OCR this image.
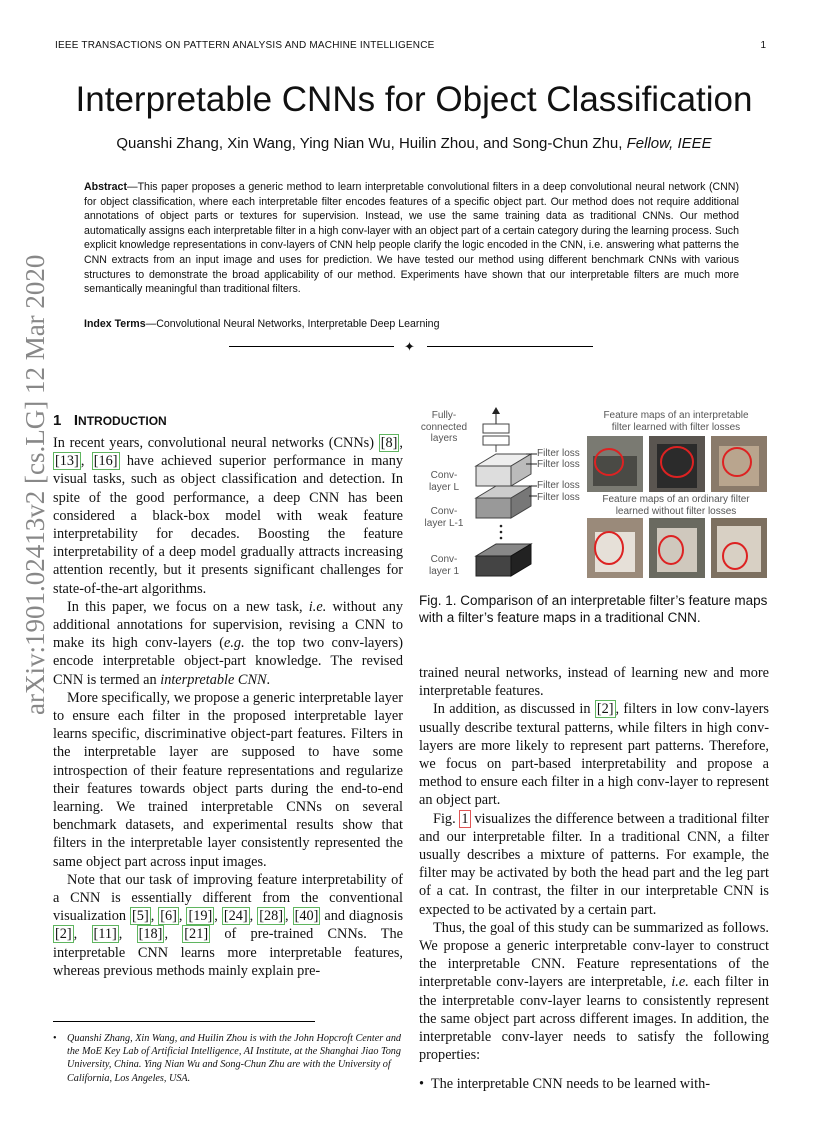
IEEE TRANSACTIONS ON PATTERN ANALYSIS AND MACHINE INTELLIGENCE	1
Interpretable CNNs for Object Classification
Quanshi Zhang, Xin Wang, Ying Nian Wu, Huilin Zhou, and Song-Chun Zhu, Fellow, IEEE
Abstract—This paper proposes a generic method to learn interpretable convolutional filters in a deep convolutional neural network (CNN) for object classification, where each interpretable filter encodes features of a specific object part. Our method does not require additional annotations of object parts or textures for supervision. Instead, we use the same training data as traditional CNNs. Our method automatically assigns each interpretable filter in a high conv-layer with an object part of a certain category during the learning process. Such explicit knowledge representations in conv-layers of CNN help people clarify the logic encoded in the CNN, i.e. answering what patterns the CNN extracts from an input image and uses for prediction. We have tested our method using different benchmark CNNs with various structures to demonstrate the broad applicability of our method. Experiments have shown that our interpretable filters are much more semantically meaningful than traditional filters.
Index Terms—Convolutional Neural Networks, Interpretable Deep Learning
✦
arXiv:1901.02413v2 [cs.LG] 12 Mar 2020 1 INTRODUCTION

In recent years, convolutional neural networks (CNNs) [8] , [13] , [16] have achieved superior performance in many visual tasks, such as object classification and detection. In spite of the good performance, a deep CNN has been considered a black-box model with weak feature interpretability for decades. Boosting the feature interpretability of a deep model gradually attracts increasing attention recently, but it presents significant challenges for state-of-the-art algorithms.

In this paper, we focus on a new task, i.e. without any additional annotations for supervision, revising a CNN to make its high conv-layers (e.g. the top two conv-layers) encode interpretable object-part knowledge. The revised CNN is termed an interpretable CNN.

More specifically, we propose a generic interpretable layer to ensure each filter in the proposed interpretable layer learns specific, discriminative object-part features. Filters in the interpretable layer are supposed to have some introspection of their feature representations and regularize their features towards object parts during the end-to-end learning. We trained interpretable CNNs on several benchmark datasets, and experimental results show that filters in the interpretable layer consistently represented the same object part across input images.

Note that our task of improving feature interpretability of a CNN is essentially different from the conventional visualization [5] , [6] , [19] , [24] , [28] , [40] and diagnosis [2] , [11] , [18] , [21] of pre-trained CNNs. The interpretable CNN learns more interpretable features, whereas previous methods mainly explain pre-

• Quanshi Zhang, Xin Wang, and Huilin Zhou is with the John Hopcroft Center and the MoE Key Lab of Artificial Intelligence, AI Institute, at the Shanghai Jiao Tong University, China. Ying Nian Wu and Song-Chun Zhu are with the University of California, Los Angeles, USA.
Fully-
connected
layers
Conv-
layer L
Conv-
layer L-1
Conv-
layer 1
Filter loss
Filter loss
Filter loss
Filter loss
Feature maps of an interpretable
filter learned with filter losses
Feature maps of an ordinary filter
learned without filter losses
Fig. 1. Comparison of an interpretable filter’s feature maps with a filter’s feature maps in a traditional CNN.

trained neural networks, instead of learning new and more interpretable features.

In addition, as discussed in [2] , filters in low conv-layers usually describe textural patterns, while filters in high conv-layers are more likely to represent part patterns. Therefore, we focus on part-based interpretability and propose a method to ensure each filter in a high conv-layer to represent an object part.

Fig. 1 visualizes the difference between a traditional filter and our interpretable filter. In a traditional CNN, a filter usually describes a mixture of patterns. For example, the filter may be activated by both the head part and the leg part of a cat. In contrast, the filter in our interpretable CNN is expected to be activated by a certain part.

Thus, the goal of this study can be summarized as follows. We propose a generic interpretable conv-layer to construct the interpretable CNN. Feature representations of the interpretable conv-layers are interpretable, i.e. each filter in the interpretable conv-layer learns to consistently represent the same object part across different images. In addition, the interpretable conv-layer needs to satisfy the following properties:

• The interpretable CNN needs to be learned with-
